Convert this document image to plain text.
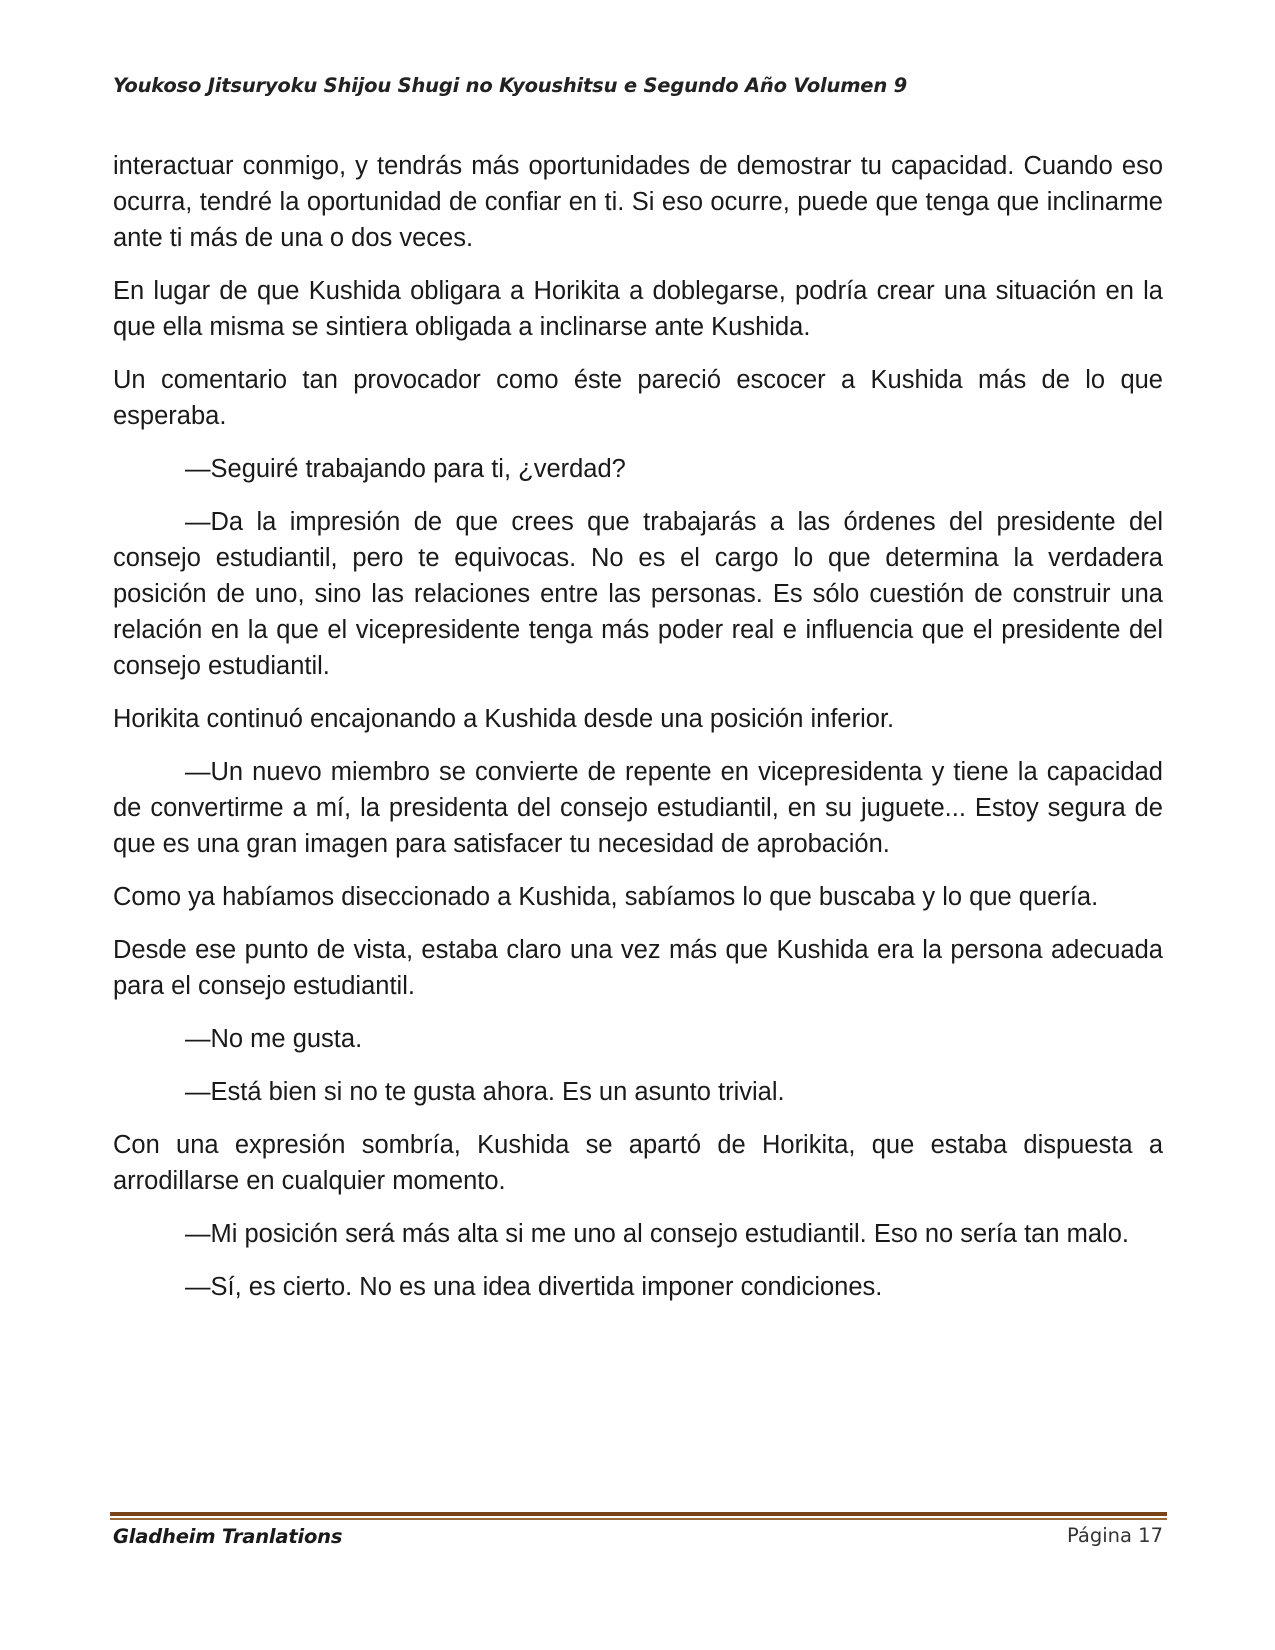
Youkoso Jitsuryoku Shijou Shugi no Kyoushitsu e Segundo Año Volumen 9

interactuar conmigo, y tendrás más oportunidades de demostrar tu capacidad. Cuando eso ocurra, tendré la oportunidad de confiar en ti. Si eso ocurre, puede que tenga que inclinarme ante ti más de una o dos veces.

En lugar de que Kushida obligara a Horikita a doblegarse, podría crear una situación en la que ella misma se sintiera obligada a inclinarse ante Kushida.

Un comentario tan provocador como éste pareció escocer a Kushida más de lo que esperaba.

—Seguiré trabajando para ti, ¿verdad?

—Da la impresión de que crees que trabajarás a las órdenes del presidente del consejo estudiantil, pero te equivocas. No es el cargo lo que determina la verdadera posición de uno, sino las relaciones entre las personas. Es sólo cuestión de construir una relación en la que el vicepresidente tenga más poder real e influencia que el presidente del consejo estudiantil.

Horikita continuó encajonando a Kushida desde una posición inferior.

—Un nuevo miembro se convierte de repente en vicepresidenta y tiene la capacidad de convertirme a mí, la presidenta del consejo estudiantil, en su juguete... Estoy segura de que es una gran imagen para satisfacer tu necesidad de aprobación.

Como ya habíamos diseccionado a Kushida, sabíamos lo que buscaba y lo que quería.

Desde ese punto de vista, estaba claro una vez más que Kushida era la persona adecuada para el consejo estudiantil.

—No me gusta.

—Está bien si no te gusta ahora. Es un asunto trivial.

Con una expresión sombría, Kushida se apartó de Horikita, que estaba dispuesta a arrodillarse en cualquier momento.

—Mi posición será más alta si me uno al consejo estudiantil. Eso no sería tan malo.

—Sí, es cierto. No es una idea divertida imponer condiciones.

Gladheim Tranlations	Página 17
